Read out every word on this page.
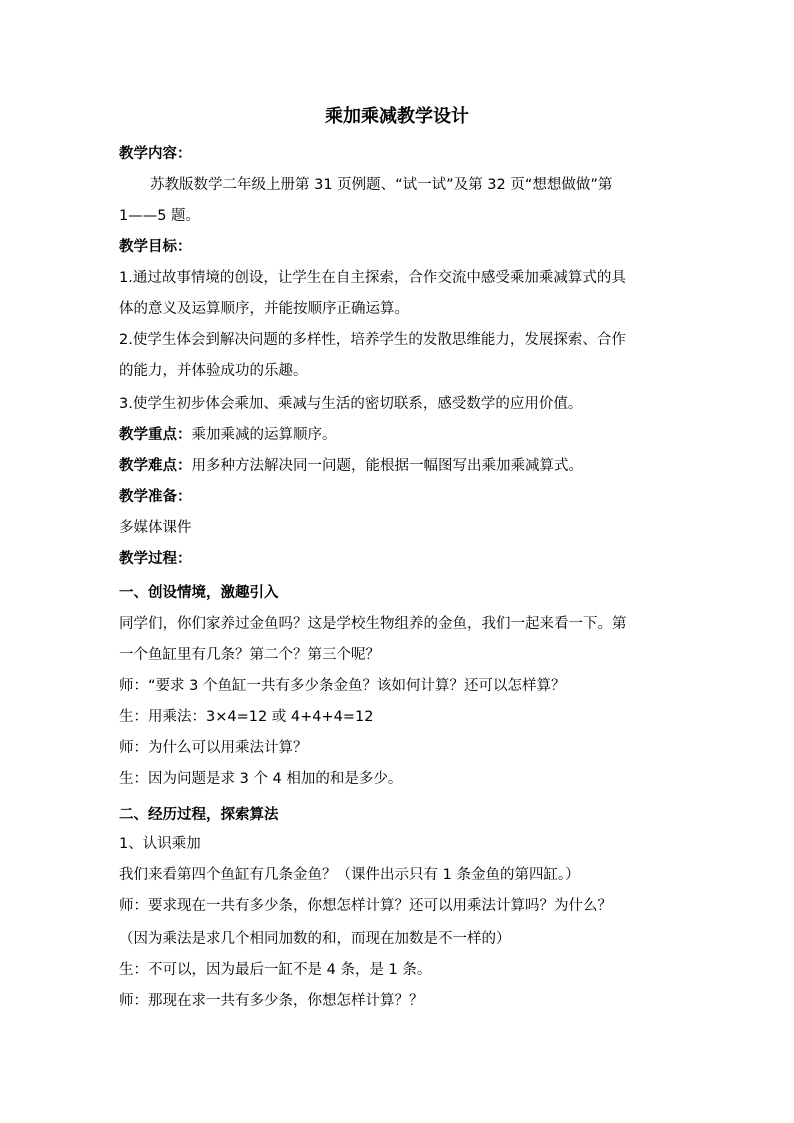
乘加乘减教学设计
教学内容：
苏教版数学二年级上册第 31 页例题、“试一试”及第 32 页“想想做做”第
1——5 题。
教学目标：
1.通过故事情境的创设，让学生在自主探索，合作交流中感受乘加乘减算式的具
体的意义及运算顺序，并能按顺序正确运算。
2.使学生体会到解决问题的多样性，培养学生的发散思维能力，发展探索、合作
的能力，并体验成功的乐趣。
3.使学生初步体会乘加、乘减与生活的密切联系，感受数学的应用价值。
教学重点：乘加乘减的运算顺序。
教学难点：用多种方法解决同一问题，能根据一幅图写出乘加乘减算式。
教学准备：
多媒体课件
教学过程：
一、创设情境，激趣引入
同学们，你们家养过金鱼吗？这是学校生物组养的金鱼，我们一起来看一下。第
一个鱼缸里有几条？第二个？第三个呢？
师：“要求 3 个鱼缸一共有多少条金鱼？该如何计算？还可以怎样算？
生：用乘法：3×4=12 或 4+4+4=12
师：为什么可以用乘法计算？
生：因为问题是求 3 个 4 相加的和是多少。
二、经历过程，探索算法
1、认识乘加
我们来看第四个鱼缸有几条金鱼？（课件出示只有 1 条金鱼的第四缸。）
师：要求现在一共有多少条，你想怎样计算？还可以用乘法计算吗？为什么？
（因为乘法是求几个相同加数的和，而现在加数是不一样的）
生：不可以，因为最后一缸不是 4 条，是 1 条。
师：那现在求一共有多少条，你想怎样计算？？
